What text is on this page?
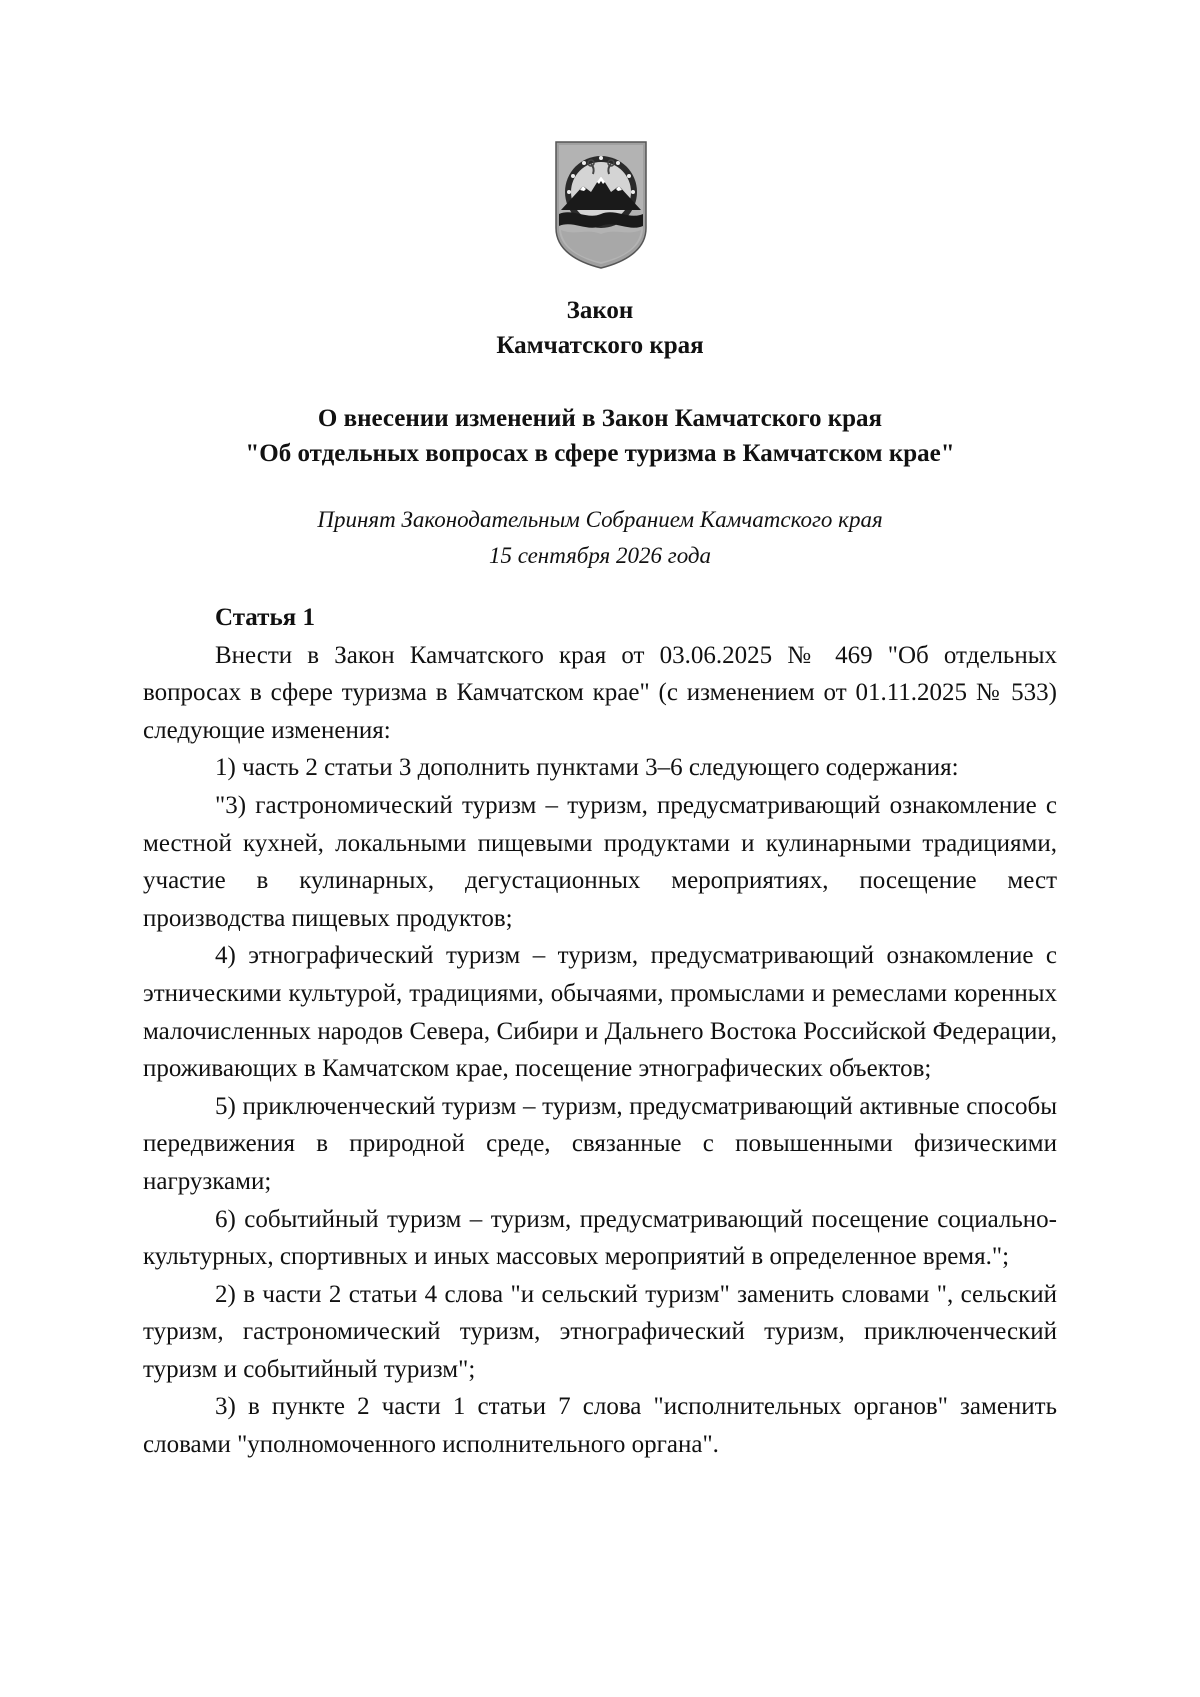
Закон
Камчатского края
О внесении изменений в Закон Камчатского края
"Об отдельных вопросах в сфере туризма в Камчатском крае"
Принят Законодательным Собранием Камчатского края
15 сентября 2026 года

Статья 1

Внести в Закон Камчатского края от 03.06.2025 № 469 "Об отдельных вопросах в сфере туризма в Камчатском крае" (с изменением от 01.11.2025 № 533) следующие изменения:

1) часть 2 статьи 3 дополнить пунктами 3–6 следующего содержания:

"3) гастрономический туризм – туризм, предусматривающий ознакомление с местной кухней, локальными пищевыми продуктами и кулинарными традициями, участие в кулинарных, дегустационных мероприятиях, посещение мест производства пищевых продуктов;

4) этнографический туризм – туризм, предусматривающий ознакомление с этническими культурой, традициями, обычаями, промыслами и ремеслами коренных малочисленных народов Севера, Сибири и Дальнего Востока Российской Федерации, проживающих в Камчатском крае, посещение этнографических объектов;

5) приключенческий туризм – туризм, предусматривающий активные способы передвижения в природной среде, связанные с повышенными физическими нагрузками;

6) событийный туризм – туризм, предусматривающий посещение социально-культурных, спортивных и иных массовых мероприятий в определенное время.";

2) в части 2 статьи 4 слова "и сельский туризм" заменить словами ", сельский туризм, гастрономический туризм, этнографический туризм, приключенческий туризм и событийный туризм";

3) в пункте 2 части 1 статьи 7 слова "исполнительных органов" заменить словами "уполномоченного исполнительного органа".
